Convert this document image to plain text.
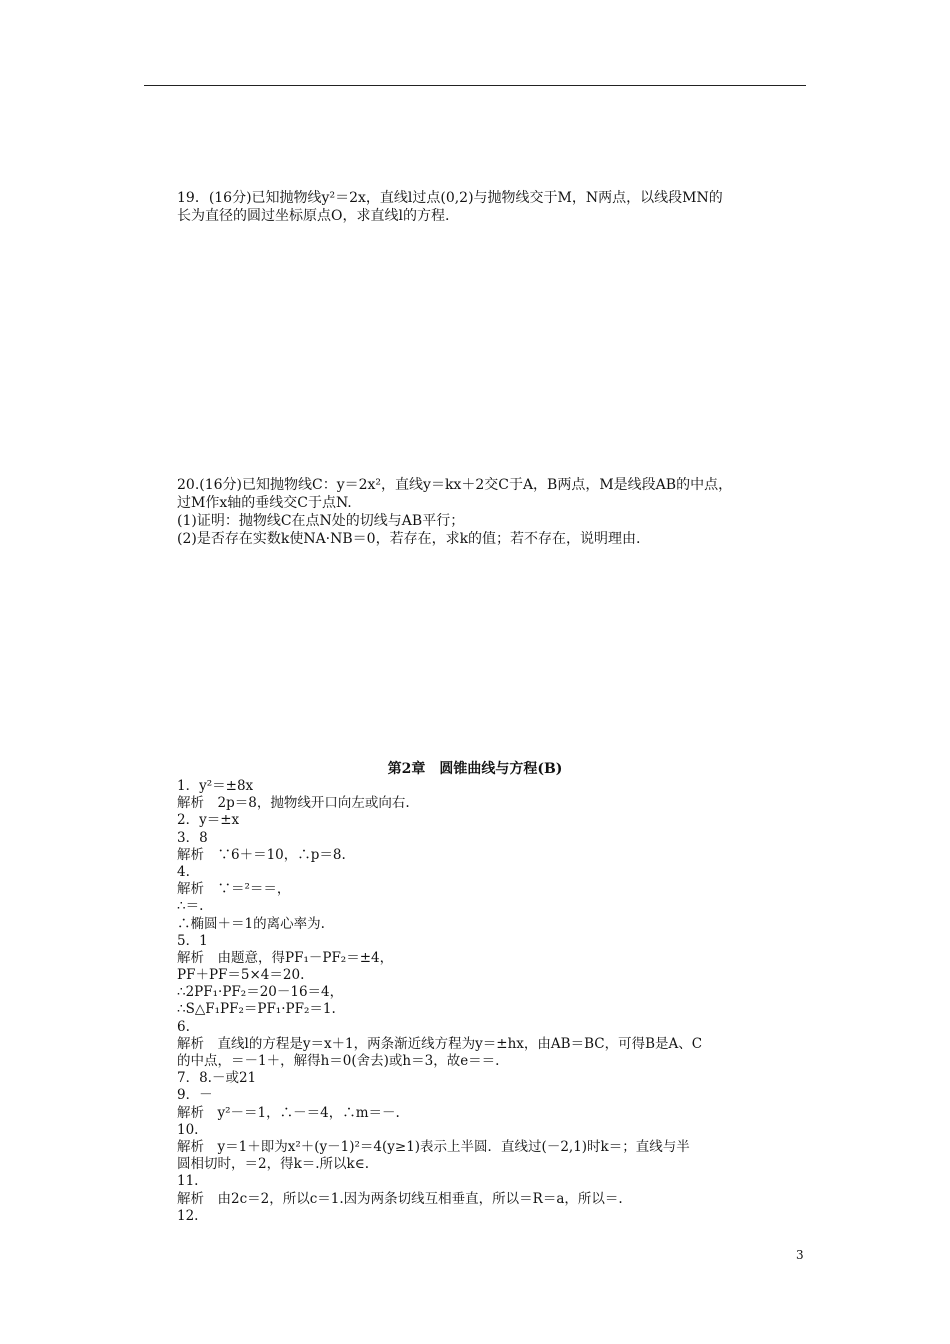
19．(16分)已知抛物线y²＝2x，直线l过点(0,2)与抛物线交于M，N两点，以线段MN的
长为直径的圆过坐标原点O，求直线l的方程.
20.(16分)已知抛物线C：y＝2x²，直线y＝kx＋2交C于A，B两点，M是线段AB的中点，
过M作x轴的垂线交C于点N.
(1)证明：抛物线C在点N处的切线与AB平行；
(2)是否存在实数k使NA·NB＝0，若存在，求k的值；若不存在，说明理由.
第2章　圆锥曲线与方程(B)
1．y²＝±8x
解析　2p＝8，抛物线开口向左或向右.
2．y＝±x
3．8
解析　∵6＋＝10，∴p＝8.
4.
解析　∵＝²＝＝，
∴＝.
∴椭圆＋＝1的离心率为.
5．1
解析　由题意，得PF₁－PF₂＝±4，
PF＋PF＝5×4＝20.
∴2PF₁·PF₂＝20－16＝4，
∴S△F₁PF₂＝PF₁·PF₂＝1.
6.
解析　直线l的方程是y＝x＋1，两条渐近线方程为y＝±hx，由AB＝BC，可得B是A、C
的中点，＝－1＋，解得h＝0(舍去)或h＝3，故e＝＝.
7．8.－或21
9．－
解析　y²－＝1，∴－＝4，∴m＝－.
10.
解析　y＝1＋即为x²＋(y－1)²＝4(y≥1)表示上半圆．直线过(－2,1)时k＝；直线与半
圆相切时，＝2，得k＝.所以k∈.
11.
解析　由2c＝2，所以c＝1.因为两条切线互相垂直，所以＝R＝a，所以＝.
12.
3
